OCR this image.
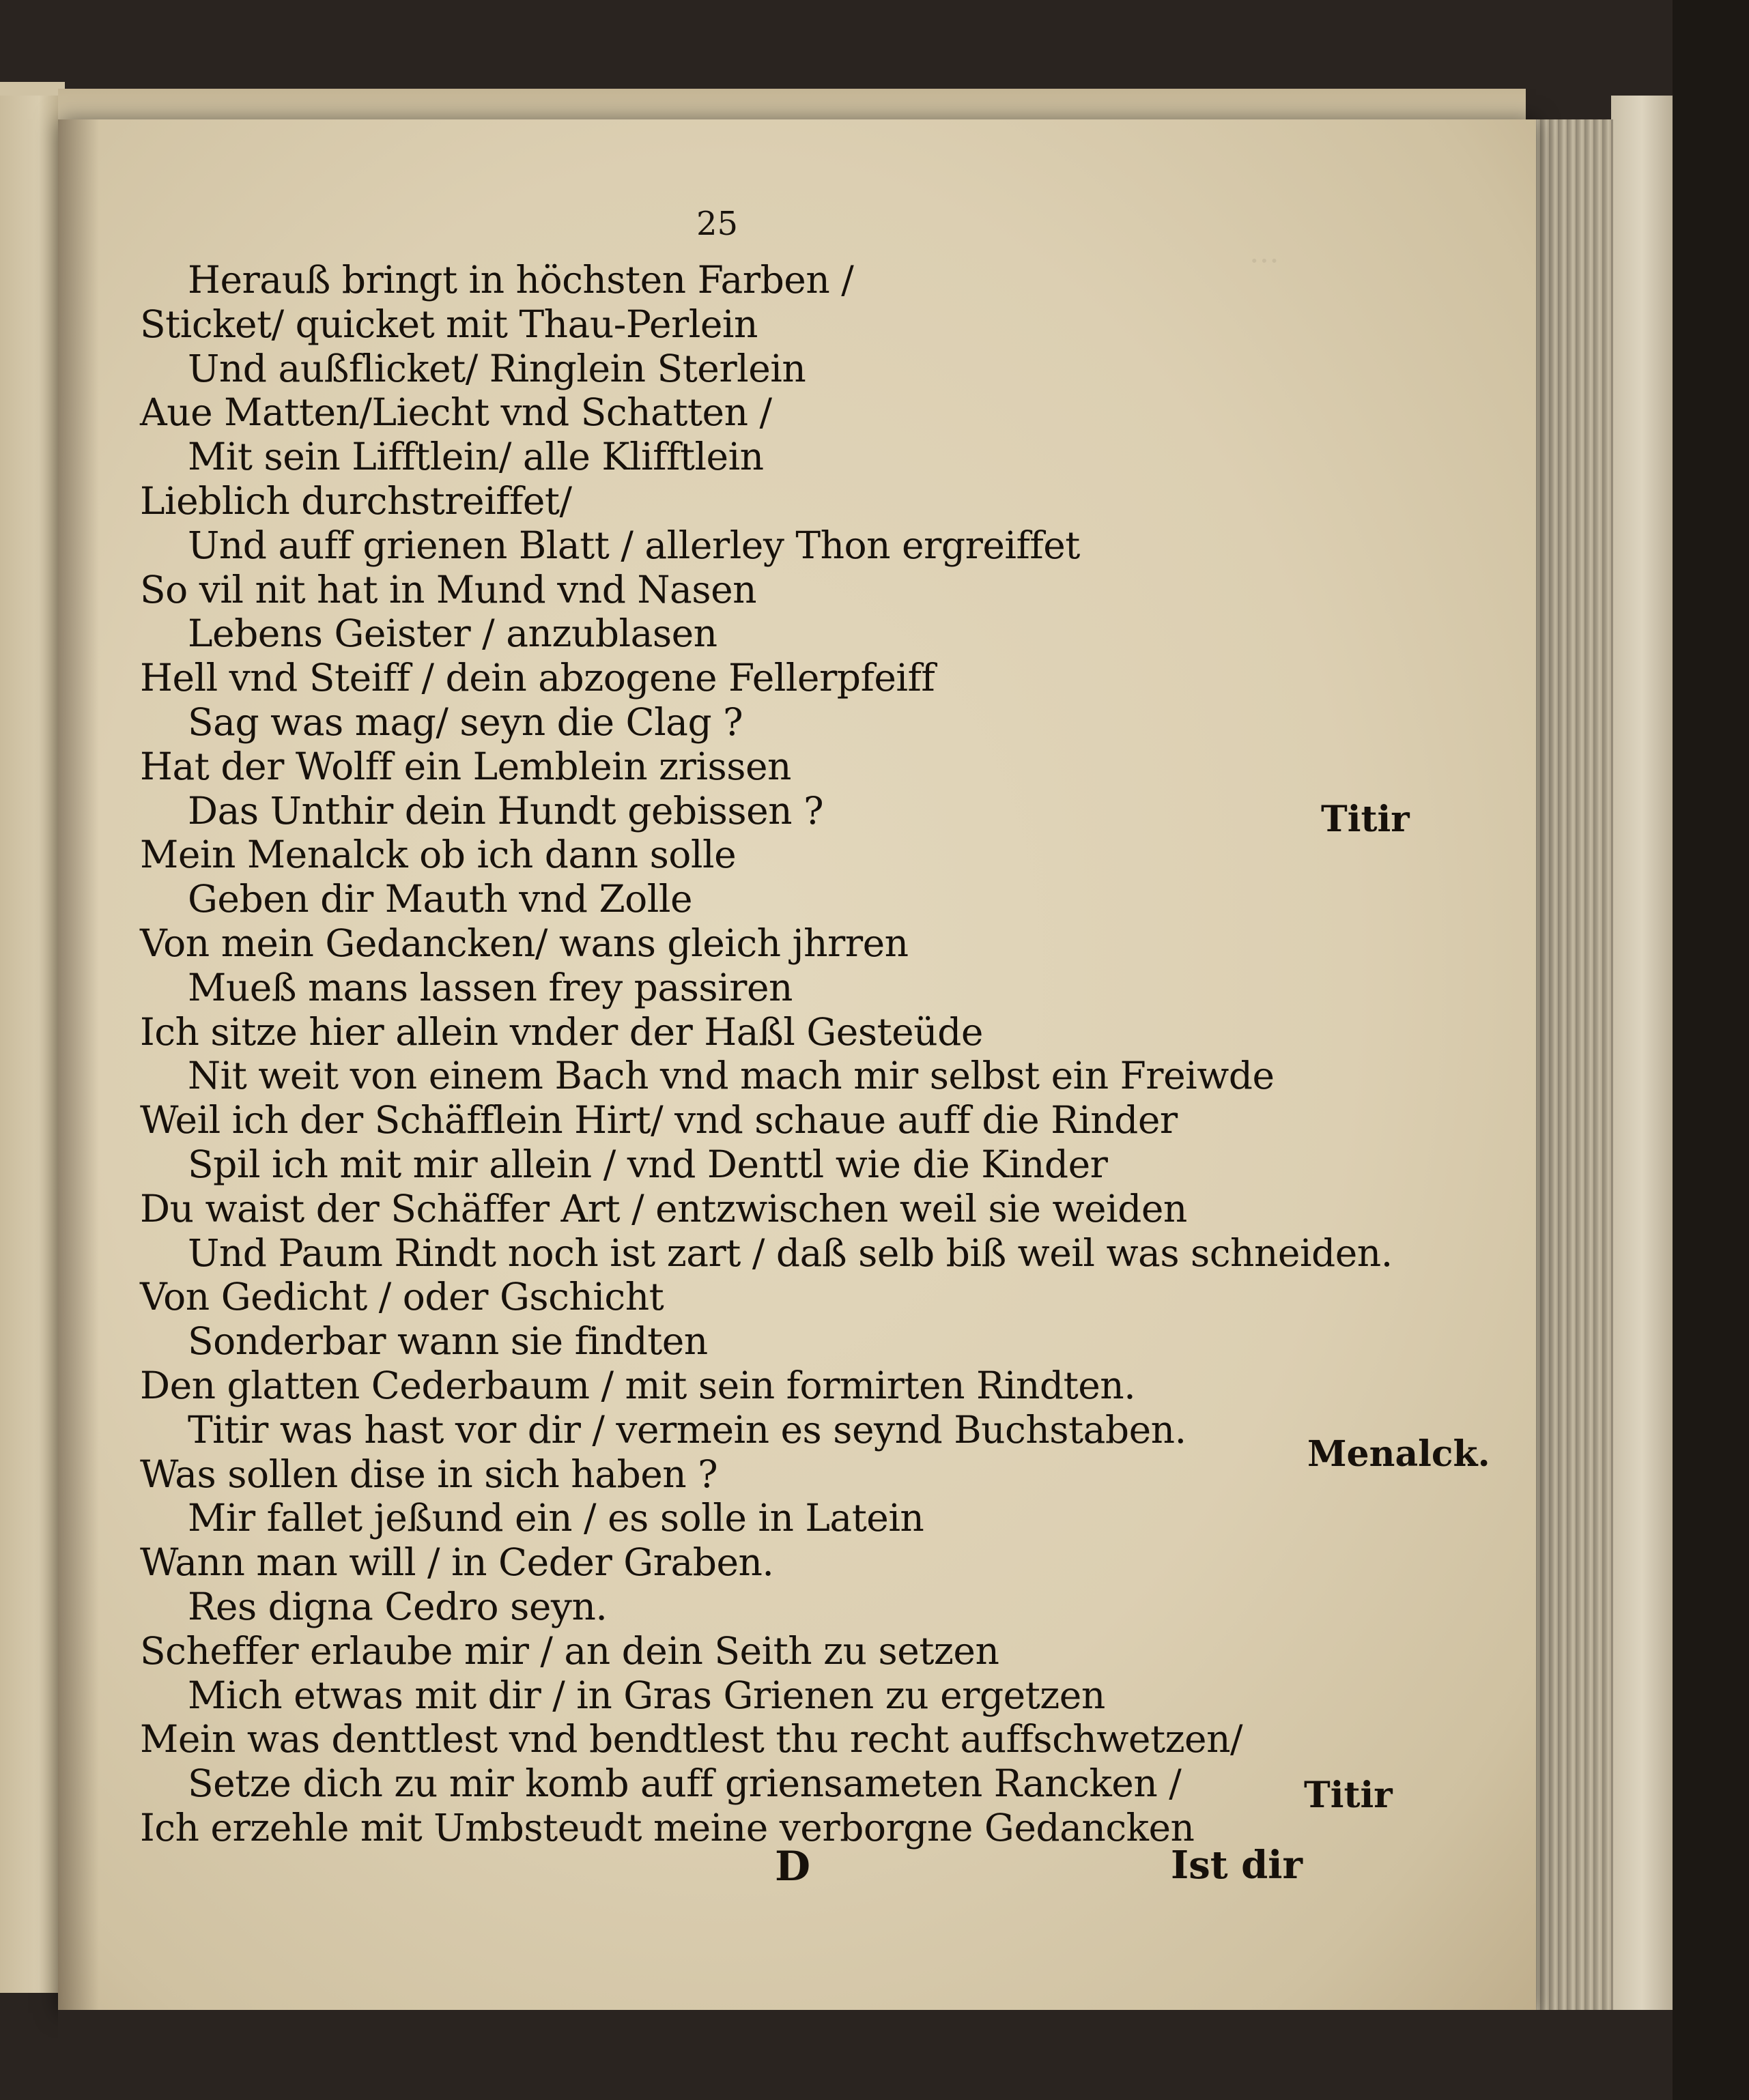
···
25
Herauß bringt in höchsten Farben /
Sticket/ quicket mit Thau-Perlein
Und außflicket/ Ringlein Sterlein
Aue Matten/Liecht vnd Schatten /
Mit sein Lifftlein/ alle Klifftlein
Lieblich durchstreiffet/
Und auff grienen Blatt / allerley Thon ergreiffet
So vil nit hat in Mund vnd Nasen
Lebens Geister / anzublasen
Hell vnd Steiff / dein abzogene Fellerpfeiff
Sag was mag/ seyn die Clag ?
Hat der Wolff ein Lemblein zrissen
Das Unthir dein Hundt gebissen ?
Mein Menalck ob ich dann solle
Geben dir Mauth vnd Zolle
Von mein Gedancken/ wans gleich jhrren
Mueß mans lassen frey passiren
Ich sitze hier allein vnder der Haßl Gesteüde
Nit weit von einem Bach vnd mach mir selbst ein Freiwde
Weil ich der Schäfflein Hirt/ vnd schaue auff die Rinder
Spil ich mit mir allein / vnd Denttl wie die Kinder
Du waist der Schäffer Art / entzwischen weil sie weiden
Und Paum Rindt noch ist zart / daß selb biß weil was schneiden.
Von Gedicht / oder Gschicht
Sonderbar wann sie findten
Den glatten Cederbaum / mit sein formirten Rindten.
Titir was hast vor dir / vermein es seynd Buchstaben.
Was sollen dise in sich haben ?
Mir fallet jeßund ein / es solle in Latein
Wann man will / in Ceder Graben.
Res digna Cedro seyn.
Scheffer erlaube mir / an dein Seith zu setzen
Mich etwas mit dir / in Gras Grienen zu ergetzen
Mein was denttlest vnd bendtlest thu recht auffschwetzen/
Setze dich zu mir komb auff griensameten Rancken /
Ich erzehle mit Umbsteudt meine verborgne Gedancken
Titir
Menalck.
Titir
D	Ist dir
